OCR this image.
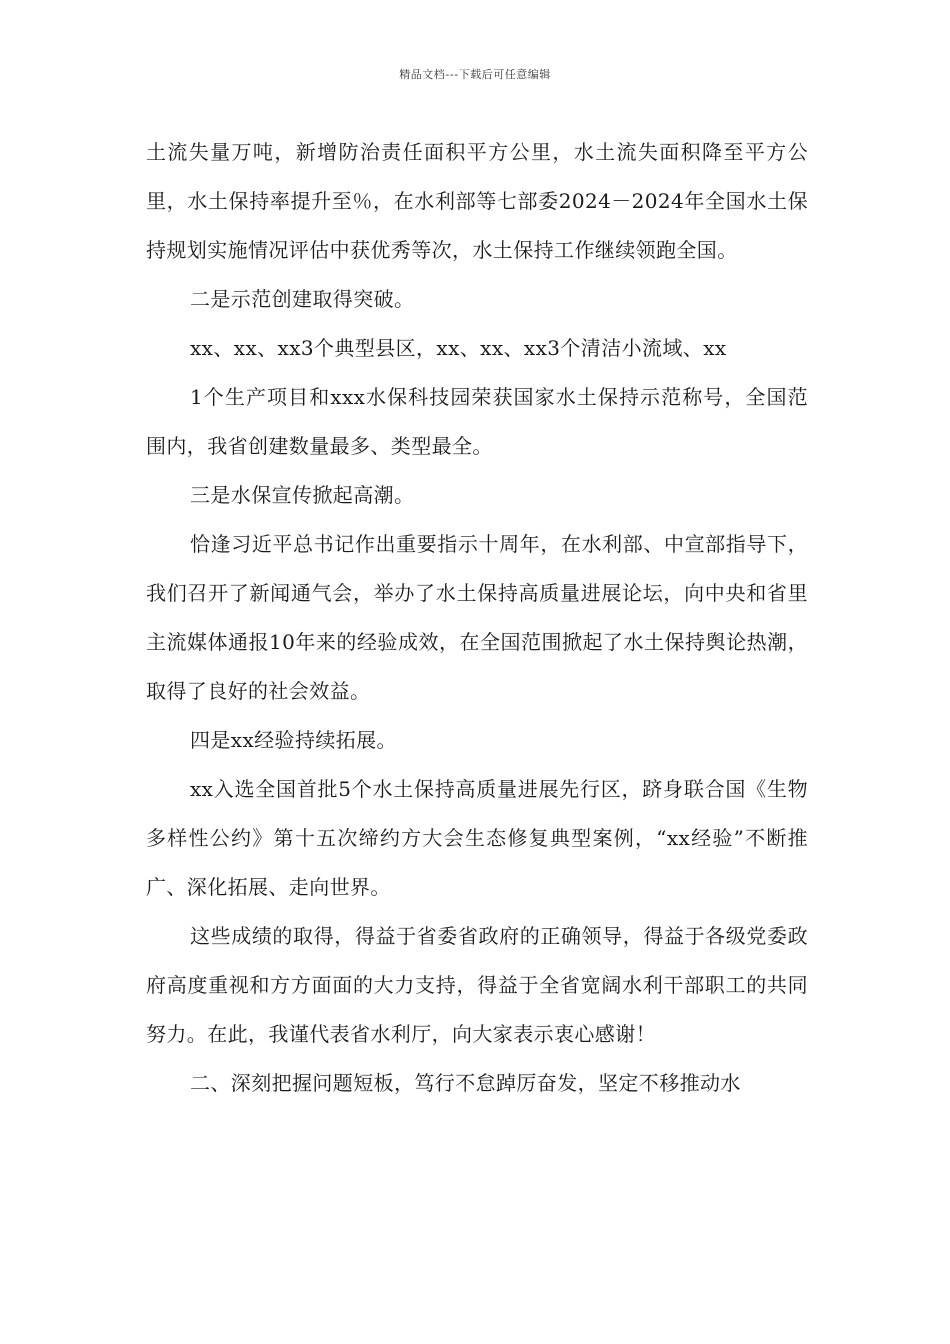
精品文档---下载后可任意编辑

土流失量万吨，新增防治责任面积平方公里，水土流失面积降至平方公里，水土保持率提升至％，在水利部等七部委2024－2024年全国水土保持规划实施情况评估中获优秀等次，水土保持工作继续领跑全国。

二是示范创建取得突破。

xx、xx、xx3个典型县区，xx、xx、xx3个清洁小流域、xx

1个生产项目和xxx水保科技园荣获国家水土保持示范称号，全国范围内，我省创建数量最多、类型最全。

三是水保宣传掀起高潮。

恰逢习近平总书记作出重要指示十周年，在水利部、中宣部指导下，我们召开了新闻通气会，举办了水土保持高质量进展论坛，向中央和省里主流媒体通报10年来的经验成效，在全国范围掀起了水土保持舆论热潮，取得了良好的社会效益。

四是xx经验持续拓展。

xx入选全国首批5个水土保持高质量进展先行区，跻身联合国《生物多样性公约》第十五次缔约方大会生态修复典型案例，“xx经验”不断推广、深化拓展、走向世界。

这些成绩的取得，得益于省委省政府的正确领导，得益于各级党委政府高度重视和方方面面的大力支持，得益于全省宽阔水利干部职工的共同努力。在此，我谨代表省水利厅，向大家表示衷心感谢！

二、深刻把握问题短板，笃行不怠踔厉奋发，坚定不移推动水
